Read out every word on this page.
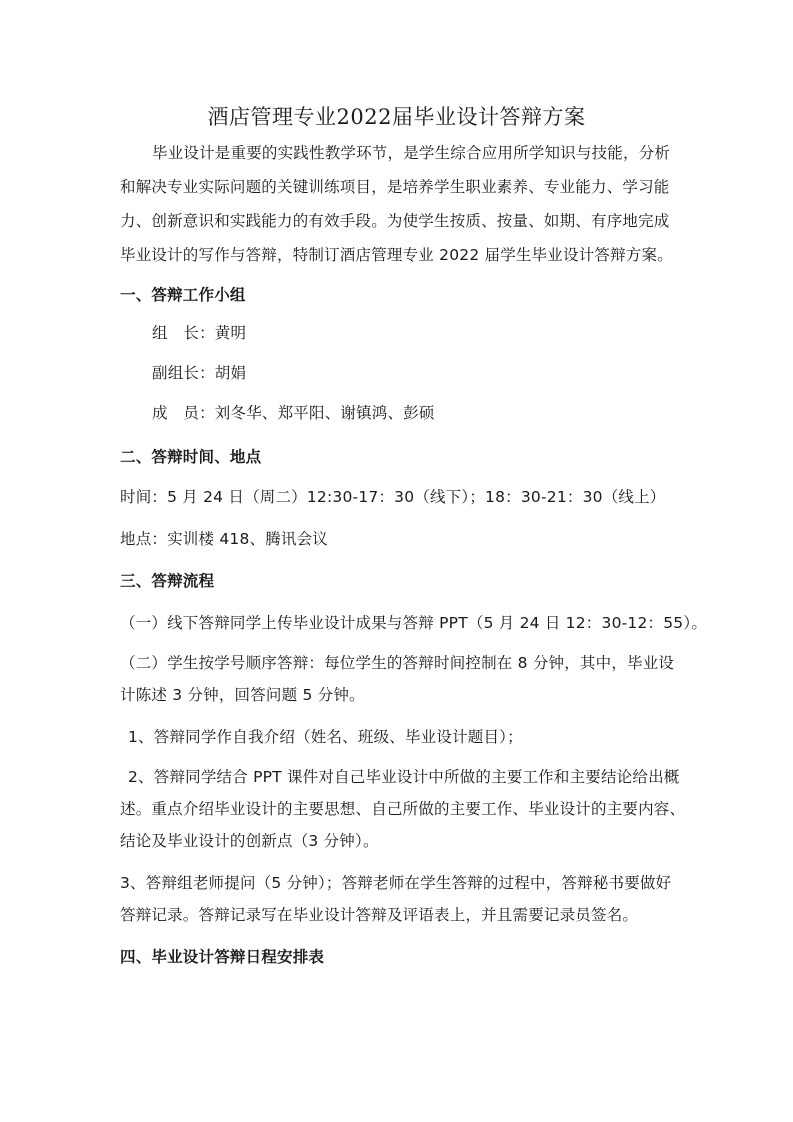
酒店管理专业2022届毕业设计答辩方案
毕业设计是重要的实践性教学环节，是学生综合应用所学知识与技能，分析
和解决专业实际问题的关键训练项目，是培养学生职业素养、专业能力、学习能
力、创新意识和实践能力的有效手段。为使学生按质、按量、如期、有序地完成
毕业设计的写作与答辩，特制订酒店管理专业 2022 届学生毕业设计答辩方案。
一、答辩工作小组
组　长：黄明
副组长：胡娟
成　员：刘冬华、郑平阳、谢镇鸿、彭硕
二、答辩时间、地点
时间：5 月 24 日（周二）12:30-17：30（线下）；18：30-21：30（线上）
地点：实训楼 418、腾讯会议
三、答辩流程
（一）线下答辩同学上传毕业设计成果与答辩 PPT（5 月 24 日 12：30-12：55）。
（二）学生按学号顺序答辩：每位学生的答辩时间控制在 8 分钟，其中，毕业设
计陈述 3 分钟，回答问题 5 分钟。
1、答辩同学作自我介绍（姓名、班级、毕业设计题目）；
2、答辩同学结合 PPT 课件对自己毕业设计中所做的主要工作和主要结论给出概
述。重点介绍毕业设计的主要思想、自己所做的主要工作、毕业设计的主要内容、
结论及毕业设计的创新点（3 分钟）。
3、答辩组老师提问（5 分钟）；答辩老师在学生答辩的过程中，答辩秘书要做好
答辩记录。答辩记录写在毕业设计答辩及评语表上，并且需要记录员签名。
四、毕业设计答辩日程安排表
